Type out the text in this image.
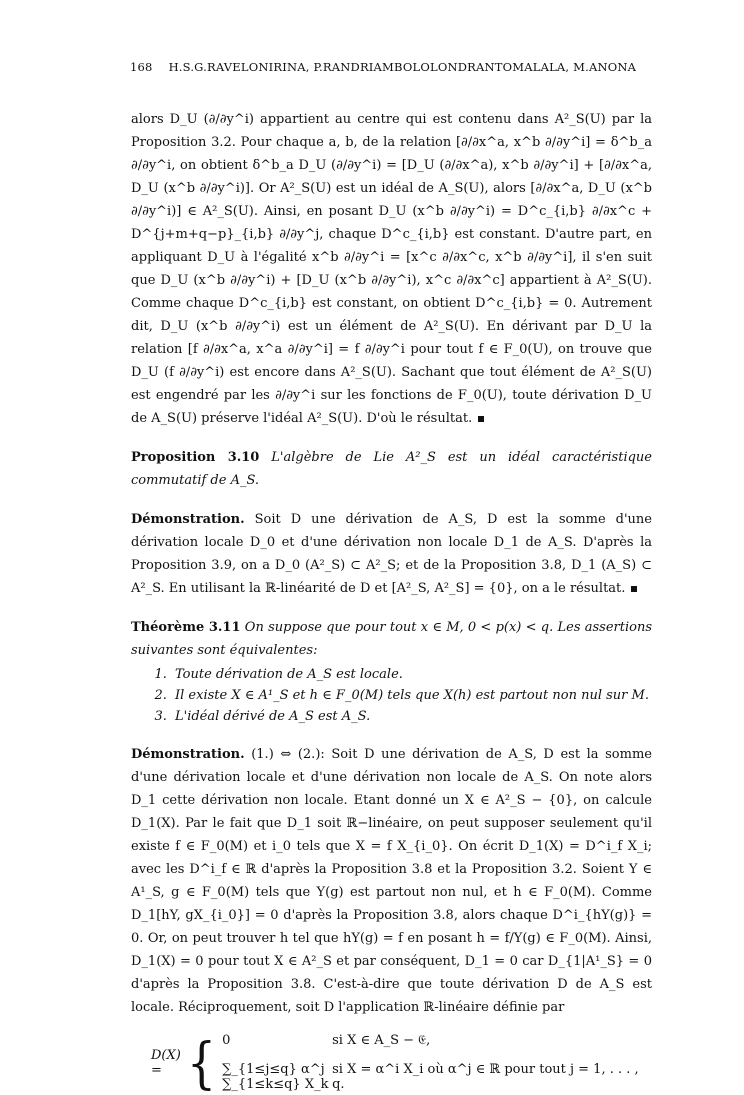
168 H.S.G.RAVELONIRINA, P.RANDRIAMBOLOLONDRANTOMALALA, M.ANONA

alors D_U (∂/∂y^i) appartient au centre qui est contenu dans A²_S(U) par la Proposition 3.2. Pour chaque a, b, de la relation [∂/∂x^a, x^b ∂/∂y^i] = δ^b_a ∂/∂y^i, on obtient δ^b_a D_U (∂/∂y^i) = [D_U (∂/∂x^a), x^b ∂/∂y^i] + [∂/∂x^a, D_U (x^b ∂/∂y^i)]. Or A²_S(U) est un idéal de A_S(U), alors [∂/∂x^a, D_U (x^b ∂/∂y^i)] ∈ A²_S(U). Ainsi, en posant D_U (x^b ∂/∂y^i) = D^c_{i,b} ∂/∂x^c + D^{j+m+q−p}_{i,b} ∂/∂y^j, chaque D^c_{i,b} est constant. D'autre part, en appliquant D_U à l'égalité x^b ∂/∂y^i = [x^c ∂/∂x^c, x^b ∂/∂y^i], il s'en suit que D_U (x^b ∂/∂y^i) + [D_U (x^b ∂/∂y^i), x^c ∂/∂x^c] appartient à A²_S(U). Comme chaque D^c_{i,b} est constant, on obtient D^c_{i,b} = 0. Autrement dit, D_U (x^b ∂/∂y^i) est un élément de A²_S(U). En dérivant par D_U la relation [f ∂/∂x^a, x^a ∂/∂y^i] = f ∂/∂y^i pour tout f ∈ F_0(U), on trouve que D_U (f ∂/∂y^i) est encore dans A²_S(U). Sachant que tout élément de A²_S(U) est engendré par les ∂/∂y^i sur les fonctions de F_0(U), toute dérivation D_U de A_S(U) préserve l'idéal A²_S(U). D'où le résultat.

Proposition 3.10 L'algèbre de Lie A²_S est un idéal caractéristique commutatif de A_S.

Démonstration. Soit D une dérivation de A_S, D est la somme d'une dérivation locale D_0 et d'une dérivation non locale D_1 de A_S. D'après la Proposition 3.9, on a D_0 (A²_S) ⊂ A²_S; et de la Proposition 3.8, D_1 (A_S) ⊂ A²_S. En utilisant la ℝ-linéarité de D et [A²_S, A²_S] = {0}, on a le résultat.

Théorème 3.11 On suppose que pour tout x ∈ M, 0 < p(x) < q. Les assertions suivantes sont équivalentes:

1. Toute dérivation de A_S est locale.
2. Il existe X ∈ A¹_S et h ∈ F_0(M) tels que X(h) est partout non nul sur M.
3. L'idéal dérivé de A_S est A_S.

Démonstration. (1.) ⇔ (2.): Soit D une dérivation de A_S, D est la somme d'une dérivation locale et d'une dérivation non locale de A_S. On note alors D_1 cette dérivation non locale. Etant donné un X ∈ A²_S − {0}, on calcule D_1(X). Par le fait que D_1 soit ℝ−linéaire, on peut supposer seulement qu'il existe f ∈ F_0(M) et i_0 tels que X = f X_{i_0}. On écrit D_1(X) = D^i_f X_i; avec les D^i_f ∈ ℝ d'après la Proposition 3.8 et la Proposition 3.2. Soient Y ∈ A¹_S, g ∈ F_0(M) tels que Y(g) est partout non nul, et h ∈ F_0(M). Comme D_1[hY, gX_{i_0}] = 0 d'après la Proposition 3.8, alors chaque D^i_{hY(g)} = 0. Or, on peut trouver h tel que hY(g) = f en posant h = f/Y(g) ∈ F_0(M). Ainsi, D_1(X) = 0 pour tout X ∈ A²_S et par conséquent, D_1 = 0 car D_{1|A¹_S} = 0 d'après la Proposition 3.8. C'est-à-dire que toute dérivation D de A_S est locale. Réciproquement, soit D l'application ℝ-linéaire définie par

D(X) = { 0	si X ∈ A_S − 𝔈,
∑_{1≤j≤q} α^j ∑_{1≤k≤q} X_k
si X = α^i X_i où α^j ∈ ℝ pour tout j = 1, . . . , q.
